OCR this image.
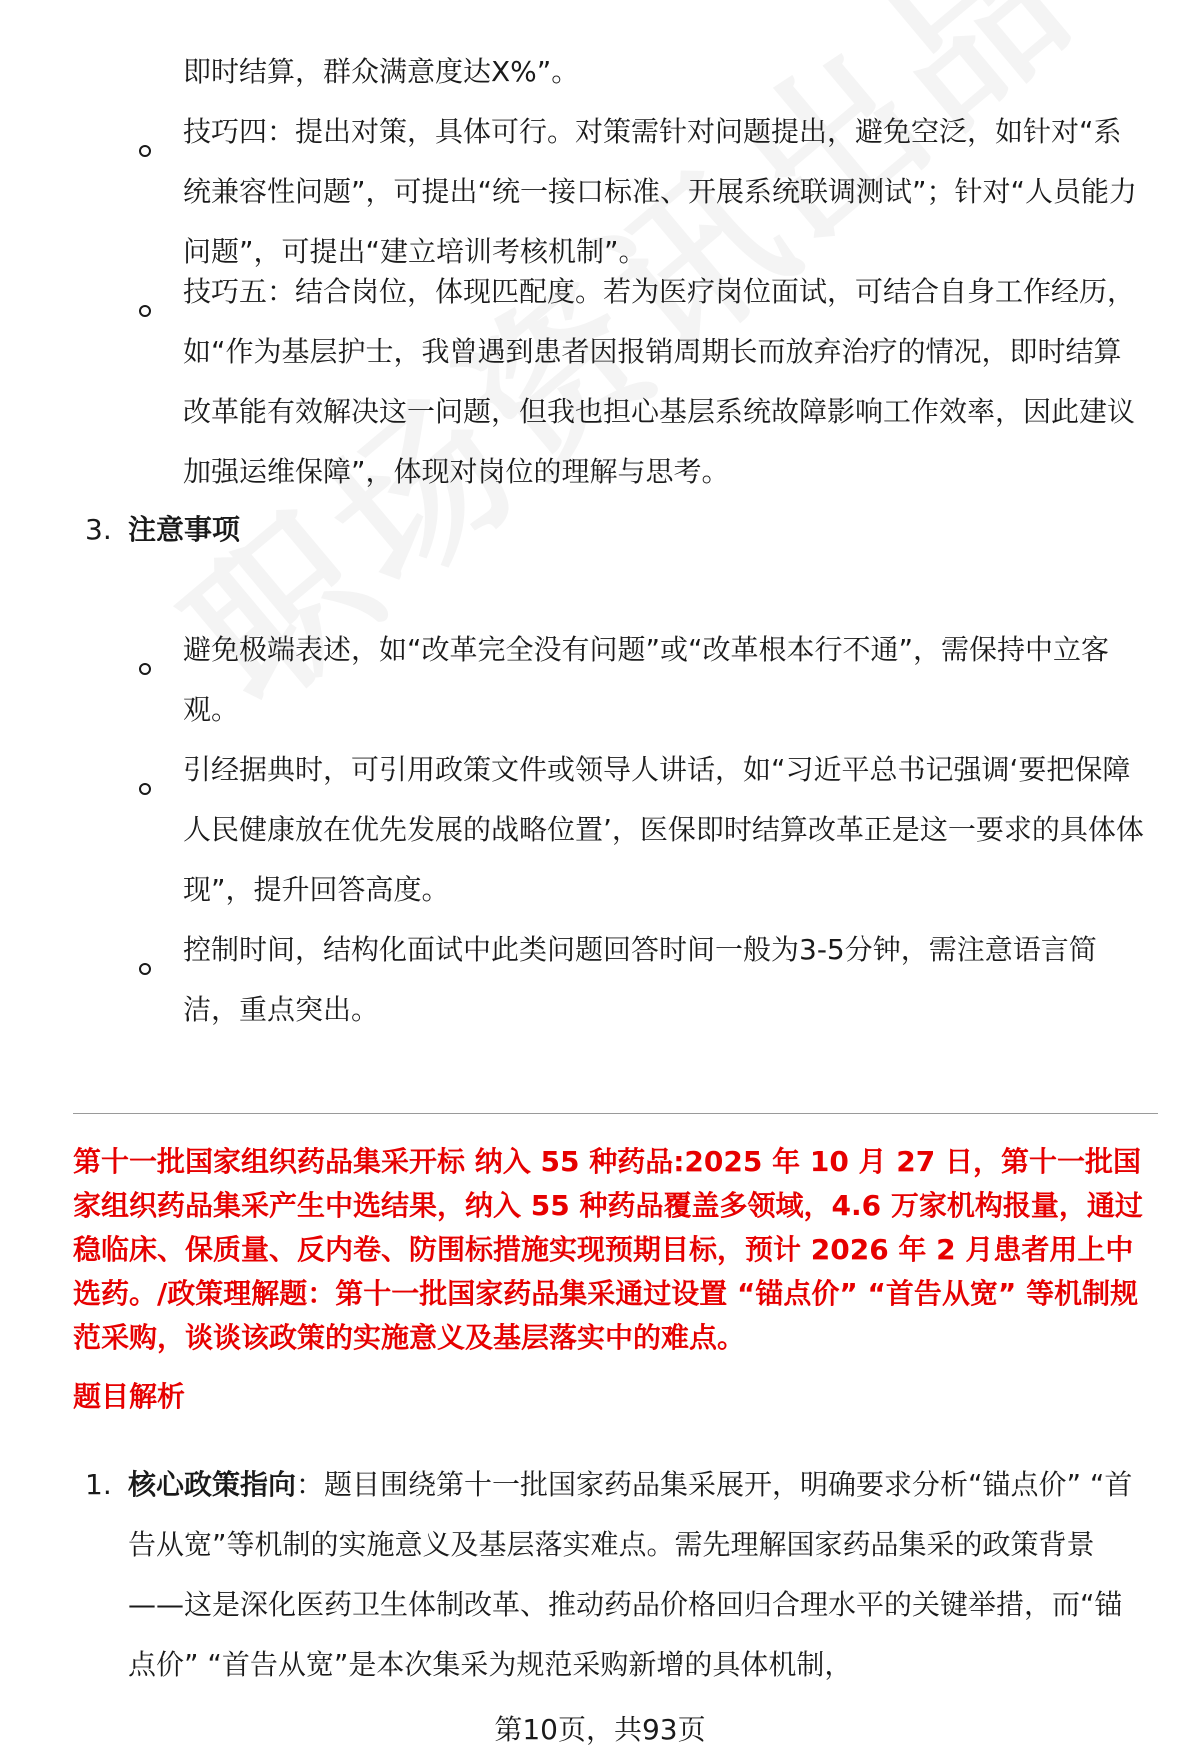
即时结算，群众满意度达X%”。
技巧四：提出对策，具体可行。对策需针对问题提出，避免空泛，如针对“系统兼容性问题”，可提出“统一接口标准、开展系统联调测试”；针对“人员能力问题”，可提出“建立培训考核机制”。
技巧五：结合岗位，体现匹配度。若为医疗岗位面试，可结合自身工作经历，如“作为基层护士，我曾遇到患者因报销周期长而放弃治疗的情况，即时结算改革能有效解决这一问题，但我也担心基层系统故障影响工作效率，因此建议加强运维保障”，体现对岗位的理解与思考。
3. 注意事项
避免极端表述，如“改革完全没有问题”或“改革根本行不通”，需保持中立客观。
引经据典时，可引用政策文件或领导人讲话，如“习近平总书记强调‘要把保障人民健康放在优先发展的战略位置’，医保即时结算改革正是这一要求的具体体现”，提升回答高度。
控制时间，结构化面试中此类问题回答时间一般为3-5分钟，需注意语言简洁，重点突出。
第十一批国家组织药品集采开标 纳入 55 种药品:2025 年 10 月 27 日，第十一批国家组织药品集采产生中选结果，纳入 55 种药品覆盖多领域，4.6 万家机构报量，通过稳临床、保质量、反内卷、防围标措施实现预期目标，预计 2026 年 2 月患者用上中选药。/政策理解题：第十一批国家药品集采通过设置 “锚点价” “首告从宽” 等机制规范采购，谈谈该政策的实施意义及基层落实中的难点。
题目解析
1. 核心政策指向：题目围绕第十一批国家药品集采展开，明确要求分析“锚点价” “首告从宽”等机制的实施意义及基层落实难点。需先理解国家药品集采的政策背景——这是深化医药卫生体制改革、推动药品价格回归合理水平的关键举措，而“锚点价” “首告从宽”是本次集采为规范采购新增的具体机制，
第10页，共93页
